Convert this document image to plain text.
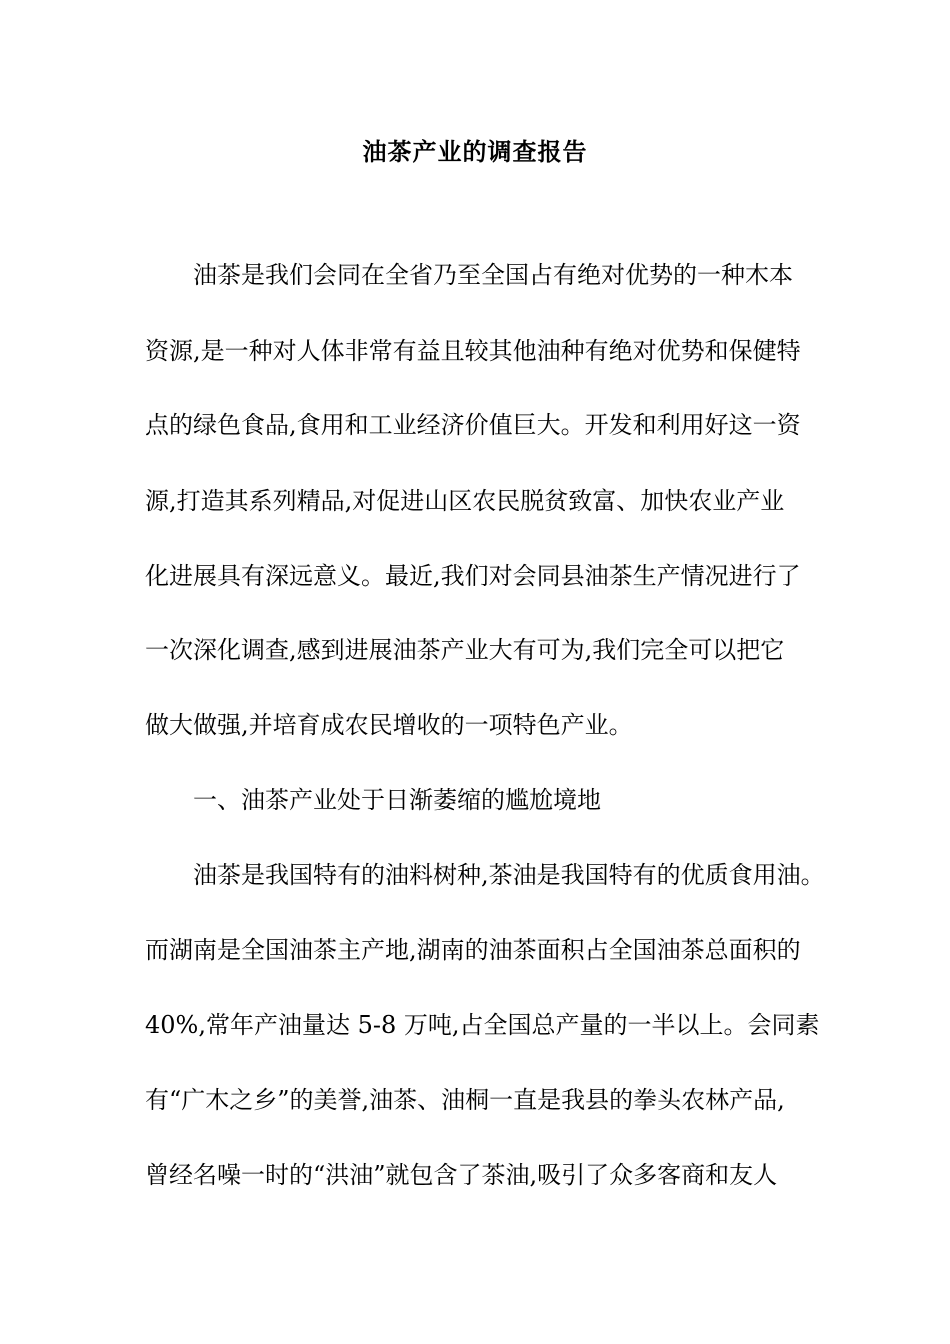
油茶产业的调查报告
油茶是我们会同在全省乃至全国占有绝对优势的一种木本
资源,是一种对人体非常有益且较其他油种有绝对优势和保健特
点的绿色食品,食用和工业经济价值巨大。开发和利用好这一资
源,打造其系列精品,对促进山区农民脱贫致富、加快农业产业
化进展具有深远意义。最近,我们对会同县油茶生产情况进行了
一次深化调查,感到进展油茶产业大有可为,我们完全可以把它
做大做强,并培育成农民增收的一项特色产业。
一、油茶产业处于日渐萎缩的尴尬境地
油茶是我国特有的油料树种,茶油是我国特有的优质食用油。
而湖南是全国油茶主产地,湖南的油茶面积占全国油茶总面积的
40%,常年产油量达 5-8 万吨,占全国总产量的一半以上。会同素
有“广木之乡”的美誉,油茶、油桐一直是我县的拳头农林产品,
曾经名噪一时的“洪油”就包含了茶油,吸引了众多客商和友人
